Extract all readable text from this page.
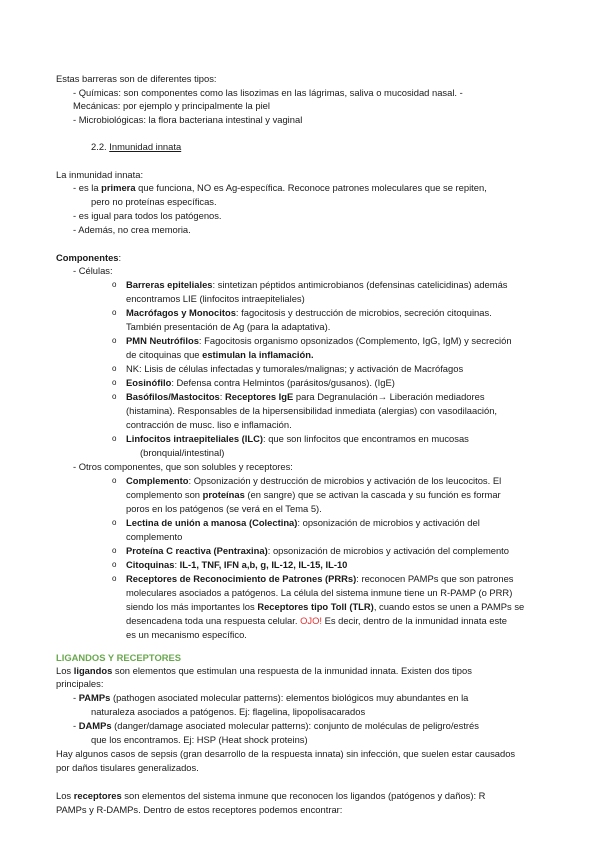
Estas barreras son de diferentes tipos:
- Químicas: son componentes como las lisozimas en las lágrimas, saliva o mucosidad nasal. -
Mecánicas: por ejemplo y principalmente la piel
- Microbiológicas: la flora bacteriana intestinal y vaginal
2.2. Inmunidad innata
La inmunidad innata:
- es la primera que funciona, NO es Ag-específica. Reconoce patrones moleculares que se repiten,
pero no proteínas específicas.
- es igual para todos los patógenos.
- Además, no crea memoria.
Componentes:
- Células:
o Barreras epiteliales: sintetizan péptidos antimicrobianos (defensinas catelicidinas) además
encontramos LIE (linfocitos intraepiteliales)
o Macrófagos y Monocitos: fagocitosis y destrucción de microbios, secreción citoquinas.
También presentación de Ag (para la adaptativa).
o PMN Neutrófilos: Fagocitosis organismo opsonizados (Complemento, IgG, IgM) y secreción
de citoquinas que estimulan la inflamación.
o NK: Lisis de células infectadas y tumorales/malignas; y activación de Macrófagos
o Eosinófilo: Defensa contra Helmintos (parásitos/gusanos). (IgE)
o Basófilos/Mastocitos: Receptores IgE para Degranulación→ Liberación mediadores
(histamina). Responsables de la hipersensibilidad inmediata (alergias) con vasodilaación,
contracción de musc. liso e inflamación.
o Linfocitos intraepiteliales (ILC): que son linfocitos que encontramos en mucosas
(bronquial/intestinal)
- Otros componentes, que son solubles y receptores:
o Complemento: Opsonización y destrucción de microbios y activación de los leucocitos. El
complemento son proteínas (en sangre) que se activan la cascada y su función es formar
poros en los patógenos (se verá en el Tema 5).
o Lectina de unión a manosa (Colectina): opsonización de microbios y activación del
complemento
o Proteína C reactiva (Pentraxina): opsonización de microbios y activación del complemento
o Citoquinas: IL-1, TNF, IFN a,b, g, IL-12, IL-15, IL-10
o Receptores de Reconocimiento de Patrones (PRRs): reconocen PAMPs que son patrones
moleculares asociados a patógenos. La célula del sistema inmune tiene un R-PAMP (o PRR)
siendo los más importantes los Receptores tipo Toll (TLR), cuando estos se unen a PAMPs se
desencadena toda una respuesta celular. OJO! Es decir, dentro de la inmunidad innata este
es un mecanismo específico.
LIGANDOS Y RECEPTORES
Los ligandos son elementos que estimulan una respuesta de la inmunidad innata. Existen dos tipos
principales:
- PAMPs (pathogen asociated molecular patterns): elementos biológicos muy abundantes en la
naturaleza asociados a patógenos. Ej: flagelina, lipopolisacarados
- DAMPs (danger/damage asociated molecular patterns): conjunto de moléculas de peligro/estrés
que los encontramos. Ej: HSP (Heat shock proteins)
Hay algunos casos de sepsis (gran desarrollo de la respuesta innata) sin infección, que suelen estar causados
por daños tisulares generalizados.
Los receptores son elementos del sistema inmune que reconocen los ligandos (patógenos y daños): R
PAMPs y R-DAMPs. Dentro de estos receptores podemos encontrar:
